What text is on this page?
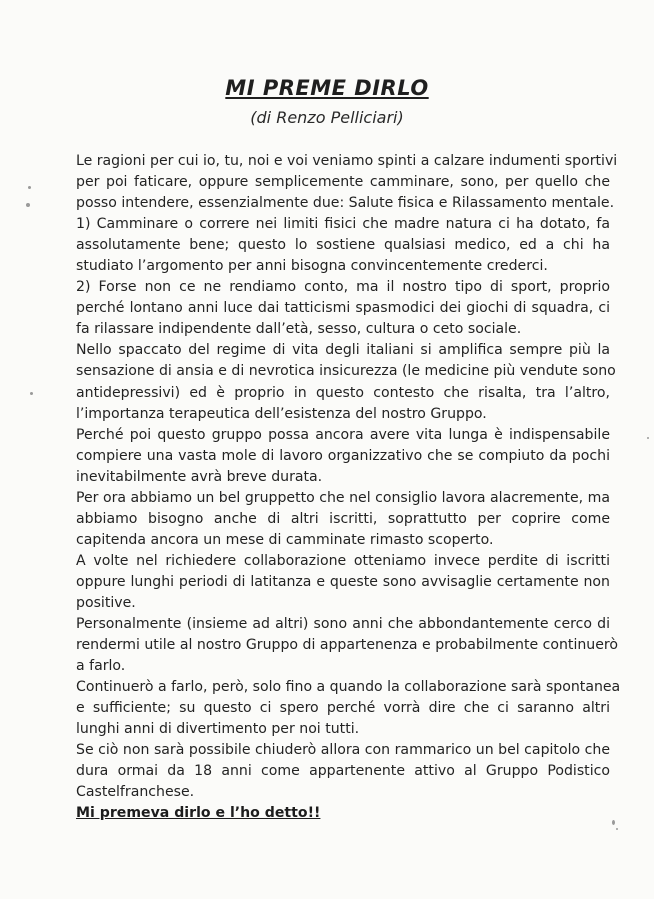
MI PREME DIRLO
(di Renzo Pelliciari)
Le ragioni per cui io, tu, noi e voi veniamo spinti a calzare indumenti sportivi
per poi faticare, oppure semplicemente camminare, sono, per quello che
posso intendere, essenzialmente due: Salute fisica e Rilassamento mentale.
1) Camminare o correre nei limiti fisici che madre natura ci ha dotato, fa
assolutamente bene; questo lo sostiene qualsiasi medico, ed a chi ha
studiato l’argomento per anni bisogna convincentemente crederci.
2) Forse non ce ne rendiamo conto, ma il nostro tipo di sport, proprio
perché lontano anni luce dai tatticismi spasmodici dei giochi di squadra, ci
fa rilassare indipendente dall’età, sesso, cultura o ceto sociale.
Nello spaccato del regime di vita degli italiani si amplifica sempre più la
sensazione di ansia e di nevrotica insicurezza (le medicine più vendute sono
antidepressivi) ed è proprio in questo contesto che risalta, tra l’altro,
l’importanza terapeutica dell’esistenza del nostro Gruppo.
Perché poi questo gruppo possa ancora avere vita lunga è indispensabile
compiere una vasta mole di lavoro organizzativo che se compiuto da pochi
inevitabilmente avrà breve durata.
Per ora abbiamo un bel gruppetto che nel consiglio lavora alacremente, ma
abbiamo bisogno anche di altri iscritti, soprattutto per coprire come
capitenda ancora un mese di camminate rimasto scoperto.
A volte nel richiedere collaborazione otteniamo invece perdite di iscritti
oppure lunghi periodi di latitanza e queste sono avvisaglie certamente non
positive.
Personalmente (insieme ad altri) sono anni che abbondantemente cerco di
rendermi utile al nostro Gruppo di appartenenza e probabilmente continuerò
a farlo.
Continuerò a farlo, però, solo fino a quando la collaborazione sarà spontanea
e sufficiente; su questo ci spero perché vorrà dire che ci saranno altri
lunghi anni di divertimento per noi tutti.
Se ciò non sarà possibile chiuderò allora con rammarico un bel capitolo che
dura ormai da 18 anni come appartenente attivo al Gruppo Podistico
Castelfranchese.
Mi premeva dirlo e l’ho detto!!
